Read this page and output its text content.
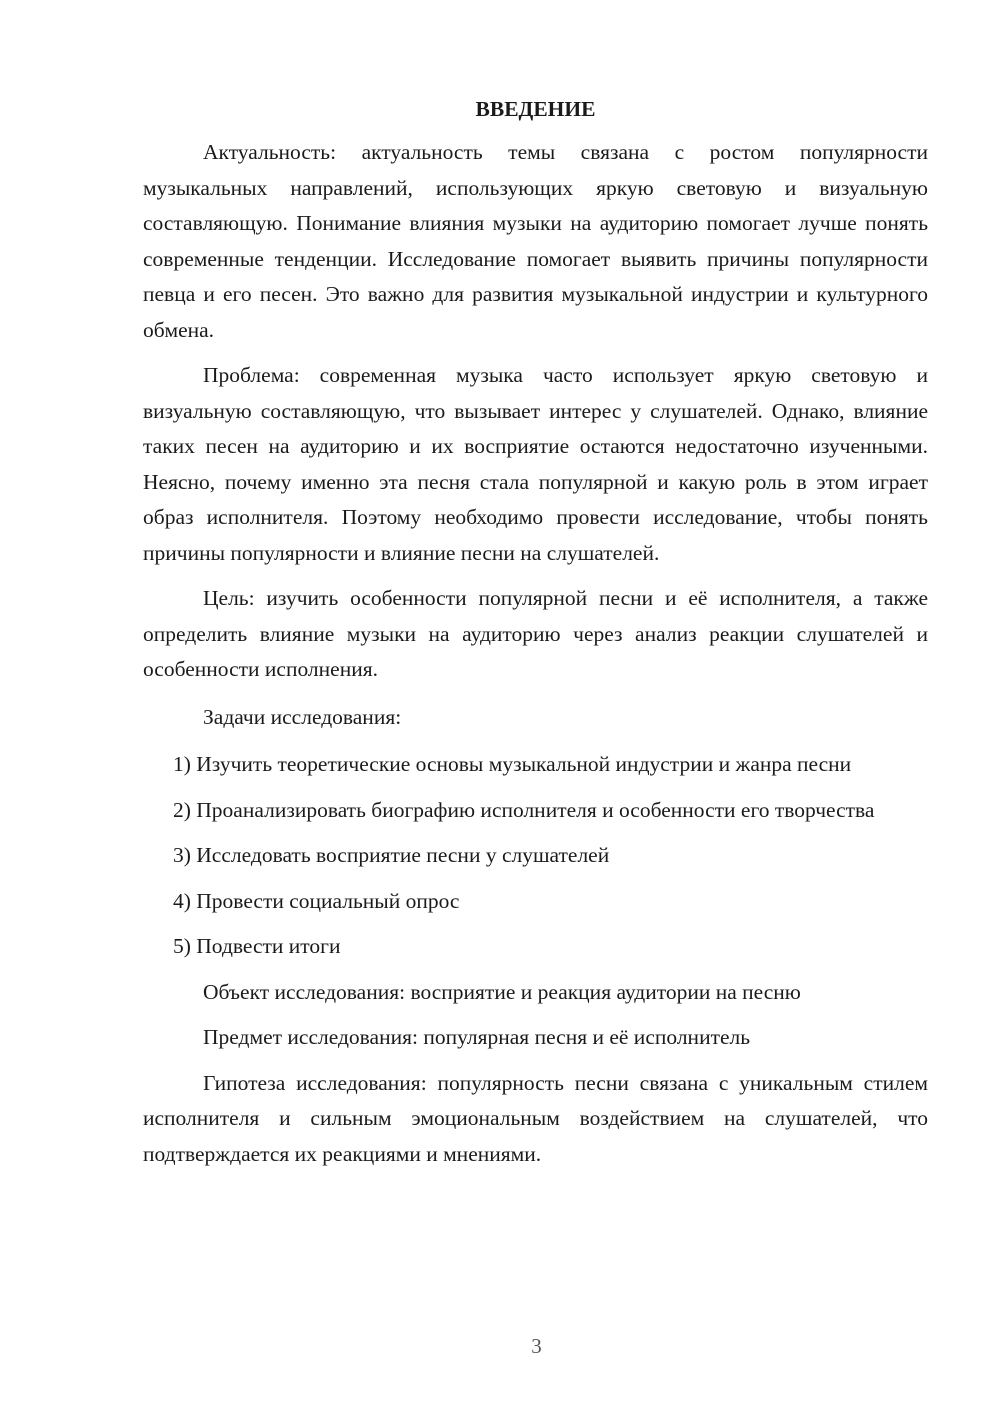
ВВЕДЕНИЕ

Актуальность: актуальность темы связана с ростом популярности музыкальных направлений, использующих яркую световую и визуальную составляющую. Понимание влияния музыки на аудиторию помогает лучше понять современные тенденции. Исследование помогает выявить причины популярности певца и его песен. Это важно для развития музыкальной индустрии и культурного обмена.

Проблема: современная музыка часто использует яркую световую и визуальную составляющую, что вызывает интерес у слушателей. Однако, влияние таких песен на аудиторию и их восприятие остаются недостаточно изученными. Неясно, почему именно эта песня стала популярной и какую роль в этом играет образ исполнителя. Поэтому необходимо провести исследование, чтобы понять причины популярности и влияние песни на слушателей.

Цель: изучить особенности популярной песни и её исполнителя, а также определить влияние музыки на аудиторию через анализ реакции слушателей и особенности исполнения.

Задачи исследования:

1) Изучить теоретические основы музыкальной индустрии и жанра песни

2) Проанализировать биографию исполнителя и особенности его творчества

3) Исследовать восприятие песни у слушателей

4) Провести социальный опрос

5) Подвести итоги

Объект исследования: восприятие и реакция аудитории на песню

Предмет исследования: популярная песня и её исполнитель

Гипотеза исследования: популярность песни связана с уникальным стилем исполнителя и сильным эмоциональным воздействием на слушателей, что подтверждается их реакциями и мнениями.

3
